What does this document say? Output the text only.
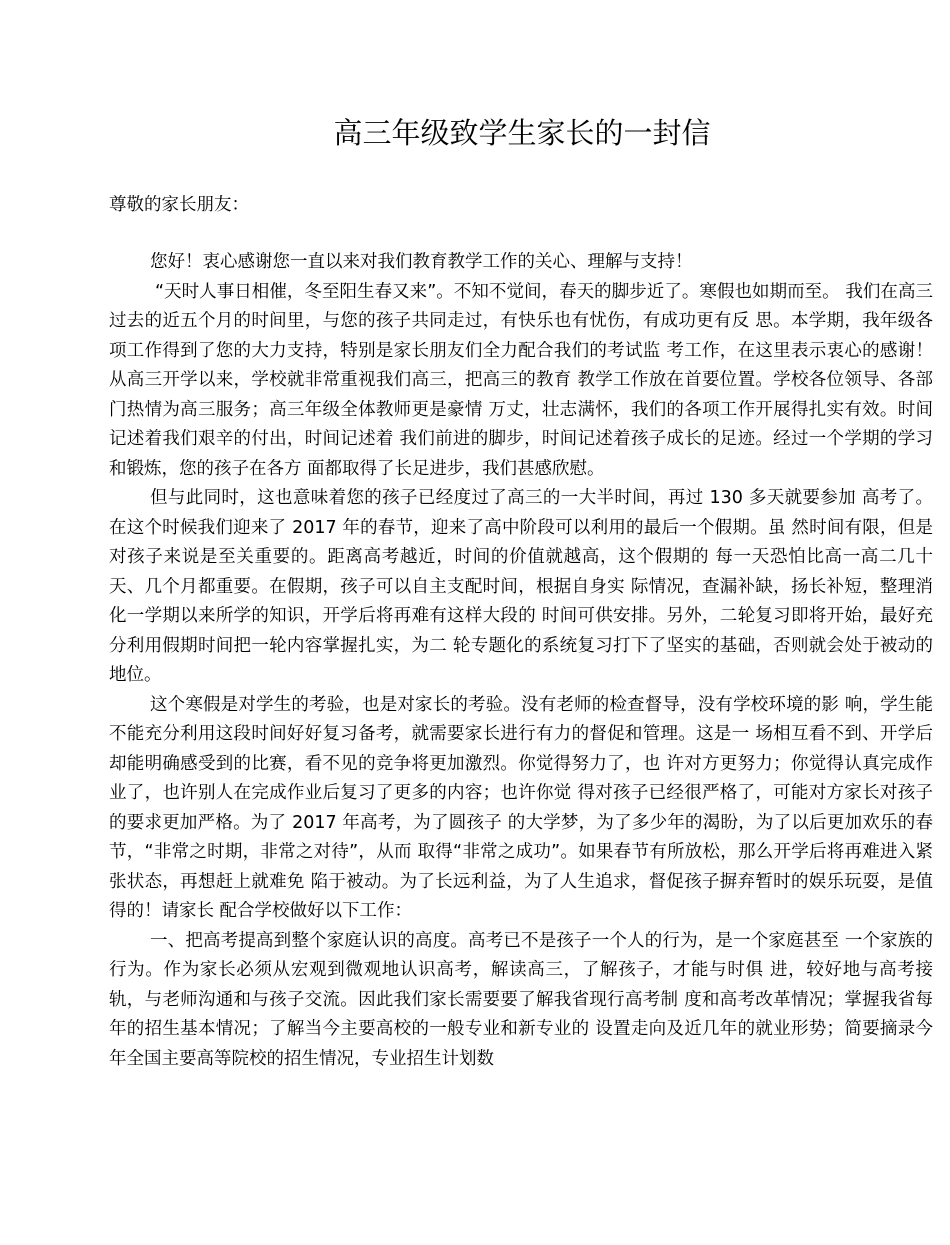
高三年级致学生家长的一封信

尊敬的家长朋友：

您好！衷心感谢您一直以来对我们教育教学工作的关心、理解与支持！

“天时人事日相催，冬至阳生春又来”。不知不觉间，春天的脚步近了。寒假也如期而至。 我们在高三过去的近五个月的时间里，与您的孩子共同走过，有快乐也有忧伤，有成功更有反 思。本学期，我年级各项工作得到了您的大力支持，特别是家长朋友们全力配合我们的考试监 考工作，在这里表示衷心的感谢！从高三开学以来，学校就非常重视我们高三，把高三的教育 教学工作放在首要位置。学校各位领导、各部门热情为高三服务；高三年级全体教师更是豪情 万丈，壮志满怀，我们的各项工作开展得扎实有效。时间记述着我们艰辛的付出，时间记述着 我们前进的脚步，时间记述着孩子成长的足迹。经过一个学期的学习和锻炼，您的孩子在各方 面都取得了长足进步，我们甚感欣慰。

但与此同时，这也意味着您的孩子已经度过了高三的一大半时间，再过 130 多天就要参加 高考了。在这个时候我们迎来了 2017 年的春节，迎来了高中阶段可以利用的最后一个假期。虽 然时间有限，但是对孩子来说是至关重要的。距离高考越近，时间的价值就越高，这个假期的 每一天恐怕比高一高二几十天、几个月都重要。在假期，孩子可以自主支配时间，根据自身实 际情况，查漏补缺，扬长补短，整理消化一学期以来所学的知识，开学后将再难有这样大段的 时间可供安排。另外，二轮复习即将开始，最好充分利用假期时间把一轮内容掌握扎实，为二 轮专题化的系统复习打下了坚实的基础，否则就会处于被动的地位。

这个寒假是对学生的考验，也是对家长的考验。没有老师的检查督导，没有学校环境的影 响，学生能不能充分利用这段时间好好复习备考，就需要家长进行有力的督促和管理。这是一 场相互看不到、开学后却能明确感受到的比赛，看不见的竞争将更加激烈。你觉得努力了，也 许对方更努力；你觉得认真完成作业了，也许别人在完成作业后复习了更多的内容；也许你觉 得对孩子已经很严格了，可能对方家长对孩子的要求更加严格。为了 2017 年高考，为了圆孩子 的大学梦，为了多少年的渴盼，为了以后更加欢乐的春节，“非常之时期，非常之对待”，从而 取得“非常之成功”。如果春节有所放松，那么开学后将再难进入紧张状态，再想赶上就难免 陷于被动。为了长远利益，为了人生追求，督促孩子摒弃暂时的娱乐玩耍，是值得的！请家长 配合学校做好以下工作：

一、把高考提高到整个家庭认识的高度。高考已不是孩子一个人的行为，是一个家庭甚至 一个家族的行为。作为家长必须从宏观到微观地认识高考，解读高三，了解孩子，才能与时俱 进，较好地与高考接轨，与老师沟通和与孩子交流。因此我们家长需要要了解我省现行高考制 度和高考改革情况；掌握我省每年的招生基本情况；了解当今主要高校的一般专业和新专业的 设置走向及近几年的就业形势；简要摘录今年全国主要高等院校的招生情况，专业招生计划数
